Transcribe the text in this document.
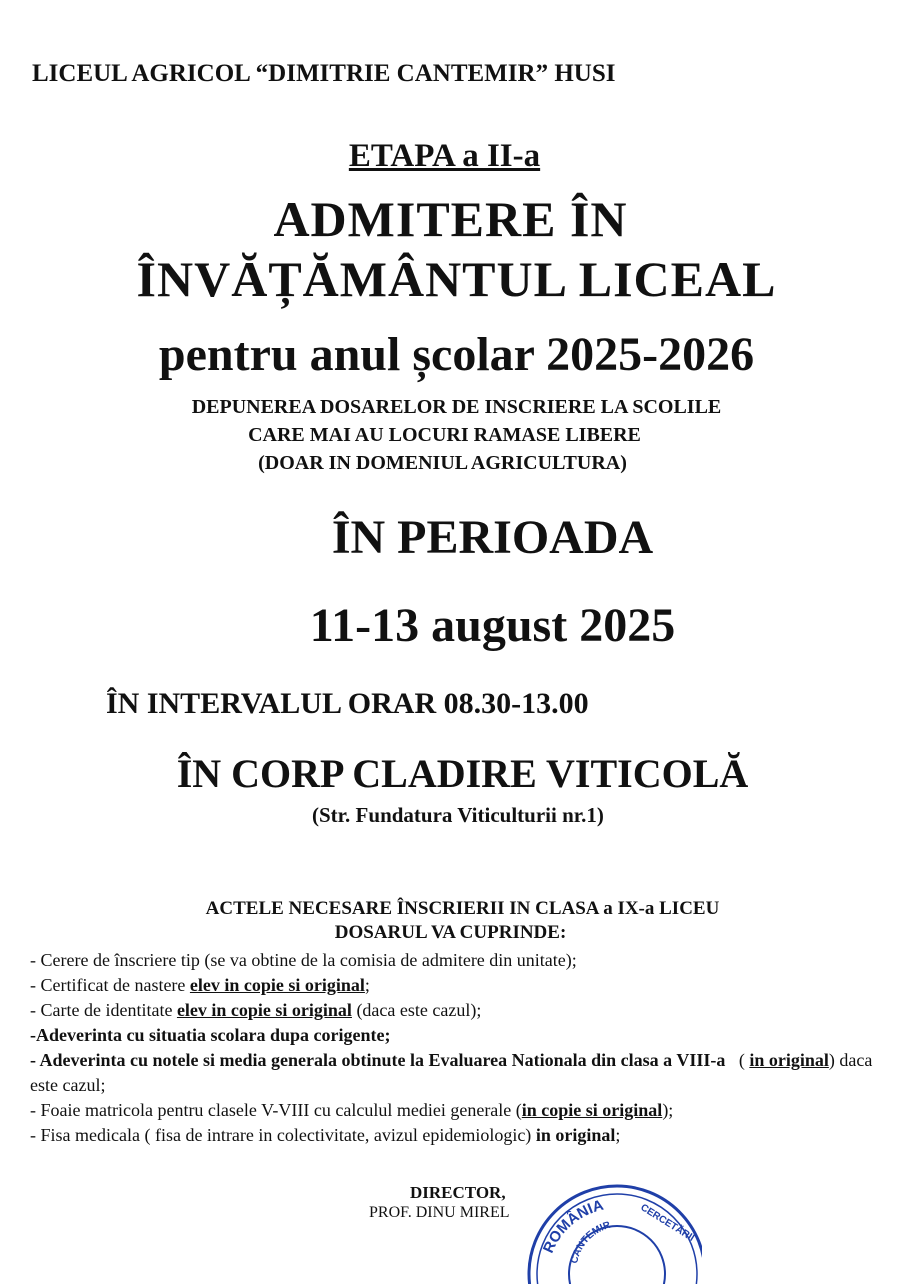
LICEUL AGRICOL “DIMITRIE CANTEMIR” HUSI
ETAPA a II-a
ADMITERE ÎN
ÎNVĂȚĂMÂNTUL LICEAL
pentru anul școlar 2025-2026
DEPUNEREA DOSARELOR DE INSCRIERE LA SCOLILE
CARE MAI AU LOCURI RAMASE LIBERE
(DOAR IN DOMENIUL AGRICULTURA)
ÎN PERIOADA
11-13 august 2025
ÎN INTERVALUL ORAR 08.30-13.00
ÎN CORP CLADIRE VITICOLĂ
(Str. Fundatura Viticulturii nr.1)
ACTELE NECESARE ÎNSCRIERII IN CLASA a IX-a LICEU
DOSARUL VA CUPRINDE:
- Cerere de înscriere tip (se va obtine de la comisia de admitere din unitate);
- Certificat de nastere elev in copie si original;
- Carte de identitate elev in copie si original (daca este cazul);
-Adeverinta cu situatia scolara dupa corigente;
- Adeverinta cu notele si media generala obtinute la Evaluarea Nationala din clasa a VIII-a   ( in original) daca este cazul;
- Foaie matricola pentru clasele V-VIII cu calculul mediei generale (in copie si original);
- Fisa medicala ( fisa de intrare in colectivitate, avizul epidemiologic) in original;
DIRECTOR,
PROF. DINU MIREL
ROMÂNIA
CANTEMIR	CERCETĂRII
